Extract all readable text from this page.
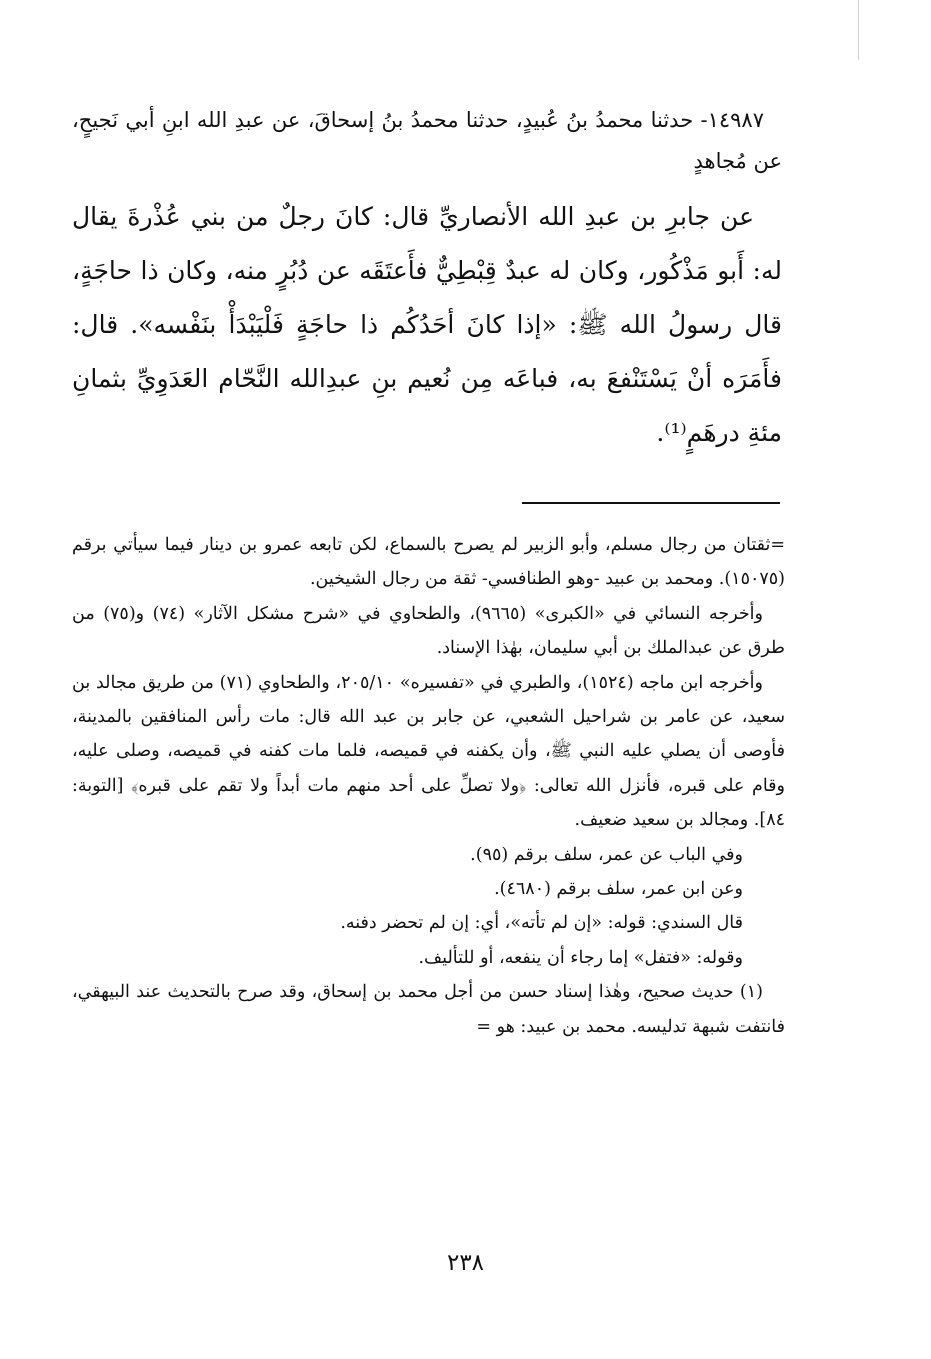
١٤٩٨٧- حدثنا محمدُ بنُ عُبيدٍ، حدثنا محمدُ بنُ إسحاقَ، عن عبدِ الله ابنِ أبي نَجيحٍ، عن مُجاهدٍ

عن جابرِ بن عبدِ الله الأنصاريِّ قال: كانَ رجلٌ من بني عُذْرةَ يقال له: أَبو مَذْكُور، وكان له عبدٌ قِبْطِيٌّ فأَعتَقَه عن دُبُرٍ منه، وكان ذا حاجَةٍ، قال رسولُ الله ﷺ: «إذا كانَ أحَدُكُم ذا حاجَةٍ فَلْيَبْدَأْ بنَفْسه». قال: فأَمَرَه أنْ يَسْتَنْفعَ به، فباعَه مِن نُعيم بنِ عبدِالله النَّحّام العَدَوِيِّ بثمانِ مئةِ درهَمٍ⁽¹⁾.

=ثقتان من رجال مسلم، وأبو الزبير لم يصرح بالسماع، لكن تابعه عمرو بن دينار فيما سيأتي برقم (١٥٠٧٥). ومحمد بن عبيد -وهو الطنافسي- ثقة من رجال الشيخين.

وأخرجه النسائي في «الكبرى» (٩٦٦٥)، والطحاوي في «شرح مشكل الآثار» (٧٤) و(٧٥) من طرق عن عبدالملك بن أبي سليمان، بهٰذا الإسناد.

وأخرجه ابن ماجه (١٥٢٤)، والطبري في «تفسيره» ٢٠٥/١٠، والطحاوي (٧١) من طريق مجالد بن سعيد، عن عامر بن شراحيل الشعبي، عن جابر بن عبد الله قال: مات رأس المنافقين بالمدينة، فأوصى أن يصلي عليه النبي ﷺ، وأن يكفنه في قميصه، فلما مات كفنه في قميصه، وصلى عليه، وقام على قبره، فأنزل الله تعالى: ﴿ولا تصلِّ على أحد منهم مات أبداً ولا تقم على قبره﴾ [التوبة: ٨٤]. ومجالد بن سعيد ضعيف.

وفي الباب عن عمر، سلف برقم (٩٥).

وعن ابن عمر، سلف برقم (٤٦٨٠).

قال السندي: قوله: «إن لم تأته»، أي: إن لم تحضر دفنه.

وقوله: «فتفل» إما رجاء أن ينفعه، أو للتأليف.

(١) حديث صحيح، وهٰذا إسناد حسن من أجل محمد بن إسحاق، وقد صرح بالتحديث عند البيهقي، فانتفت شبهة تدليسه. محمد بن عبيد: هو =

٢٣٨
